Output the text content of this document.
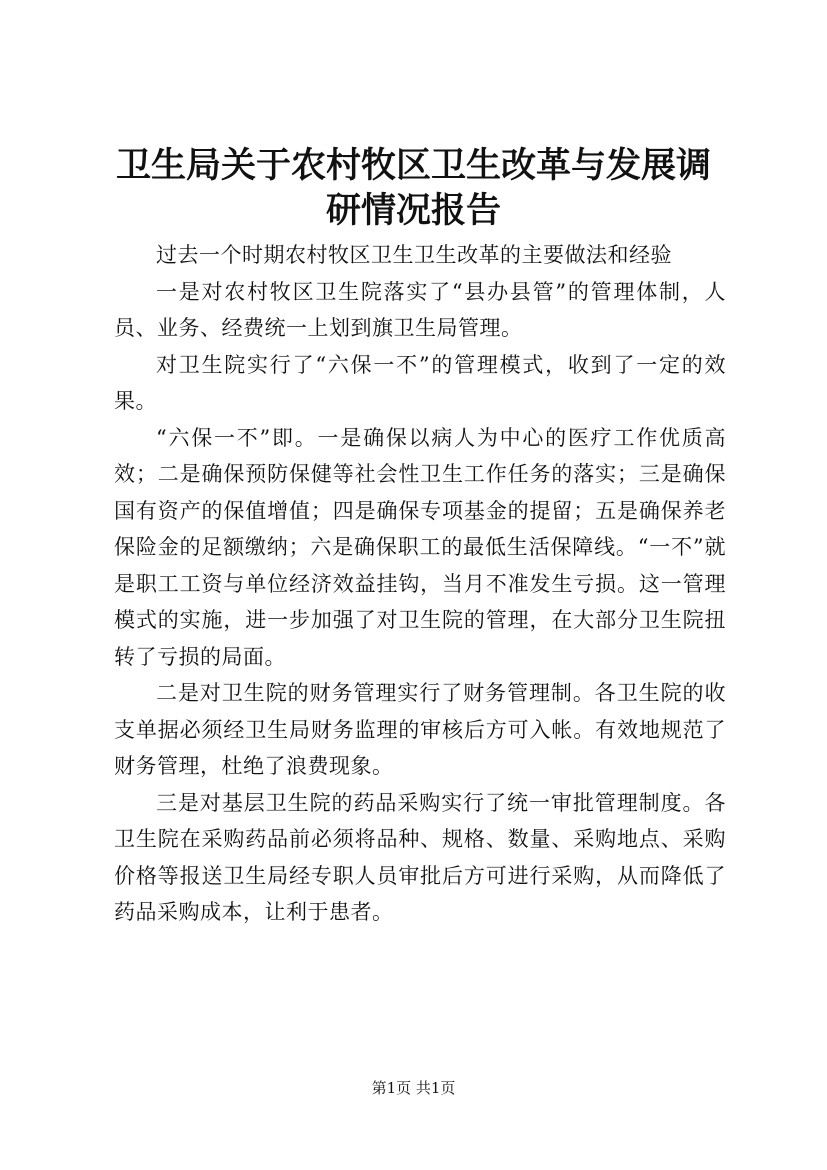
卫生局关于农村牧区卫生改革与发展调研情况报告

过去一个时期农村牧区卫生卫生改革的主要做法和经验

一是对农村牧区卫生院落实了“县办县管”的管理体制，人员、业务、经费统一上划到旗卫生局管理。

对卫生院实行了“六保一不”的管理模式，收到了一定的效果。

“六保一不”即。一是确保以病人为中心的医疗工作优质高效；二是确保预防保健等社会性卫生工作任务的落实；三是确保国有资产的保值增值；四是确保专项基金的提留；五是确保养老保险金的足额缴纳；六是确保职工的最低生活保障线。“一不”就是职工工资与单位经济效益挂钩，当月不准发生亏损。这一管理模式的实施，进一步加强了对卫生院的管理，在大部分卫生院扭转了亏损的局面。

二是对卫生院的财务管理实行了财务管理制。各卫生院的收支单据必须经卫生局财务监理的审核后方可入帐。有效地规范了财务管理，杜绝了浪费现象。

三是对基层卫生院的药品采购实行了统一审批管理制度。各卫生院在采购药品前必须将品种、规格、数量、采购地点、采购价格等报送卫生局经专职人员审批后方可进行采购，从而降低了药品采购成本，让利于患者。

第1页 共1页
